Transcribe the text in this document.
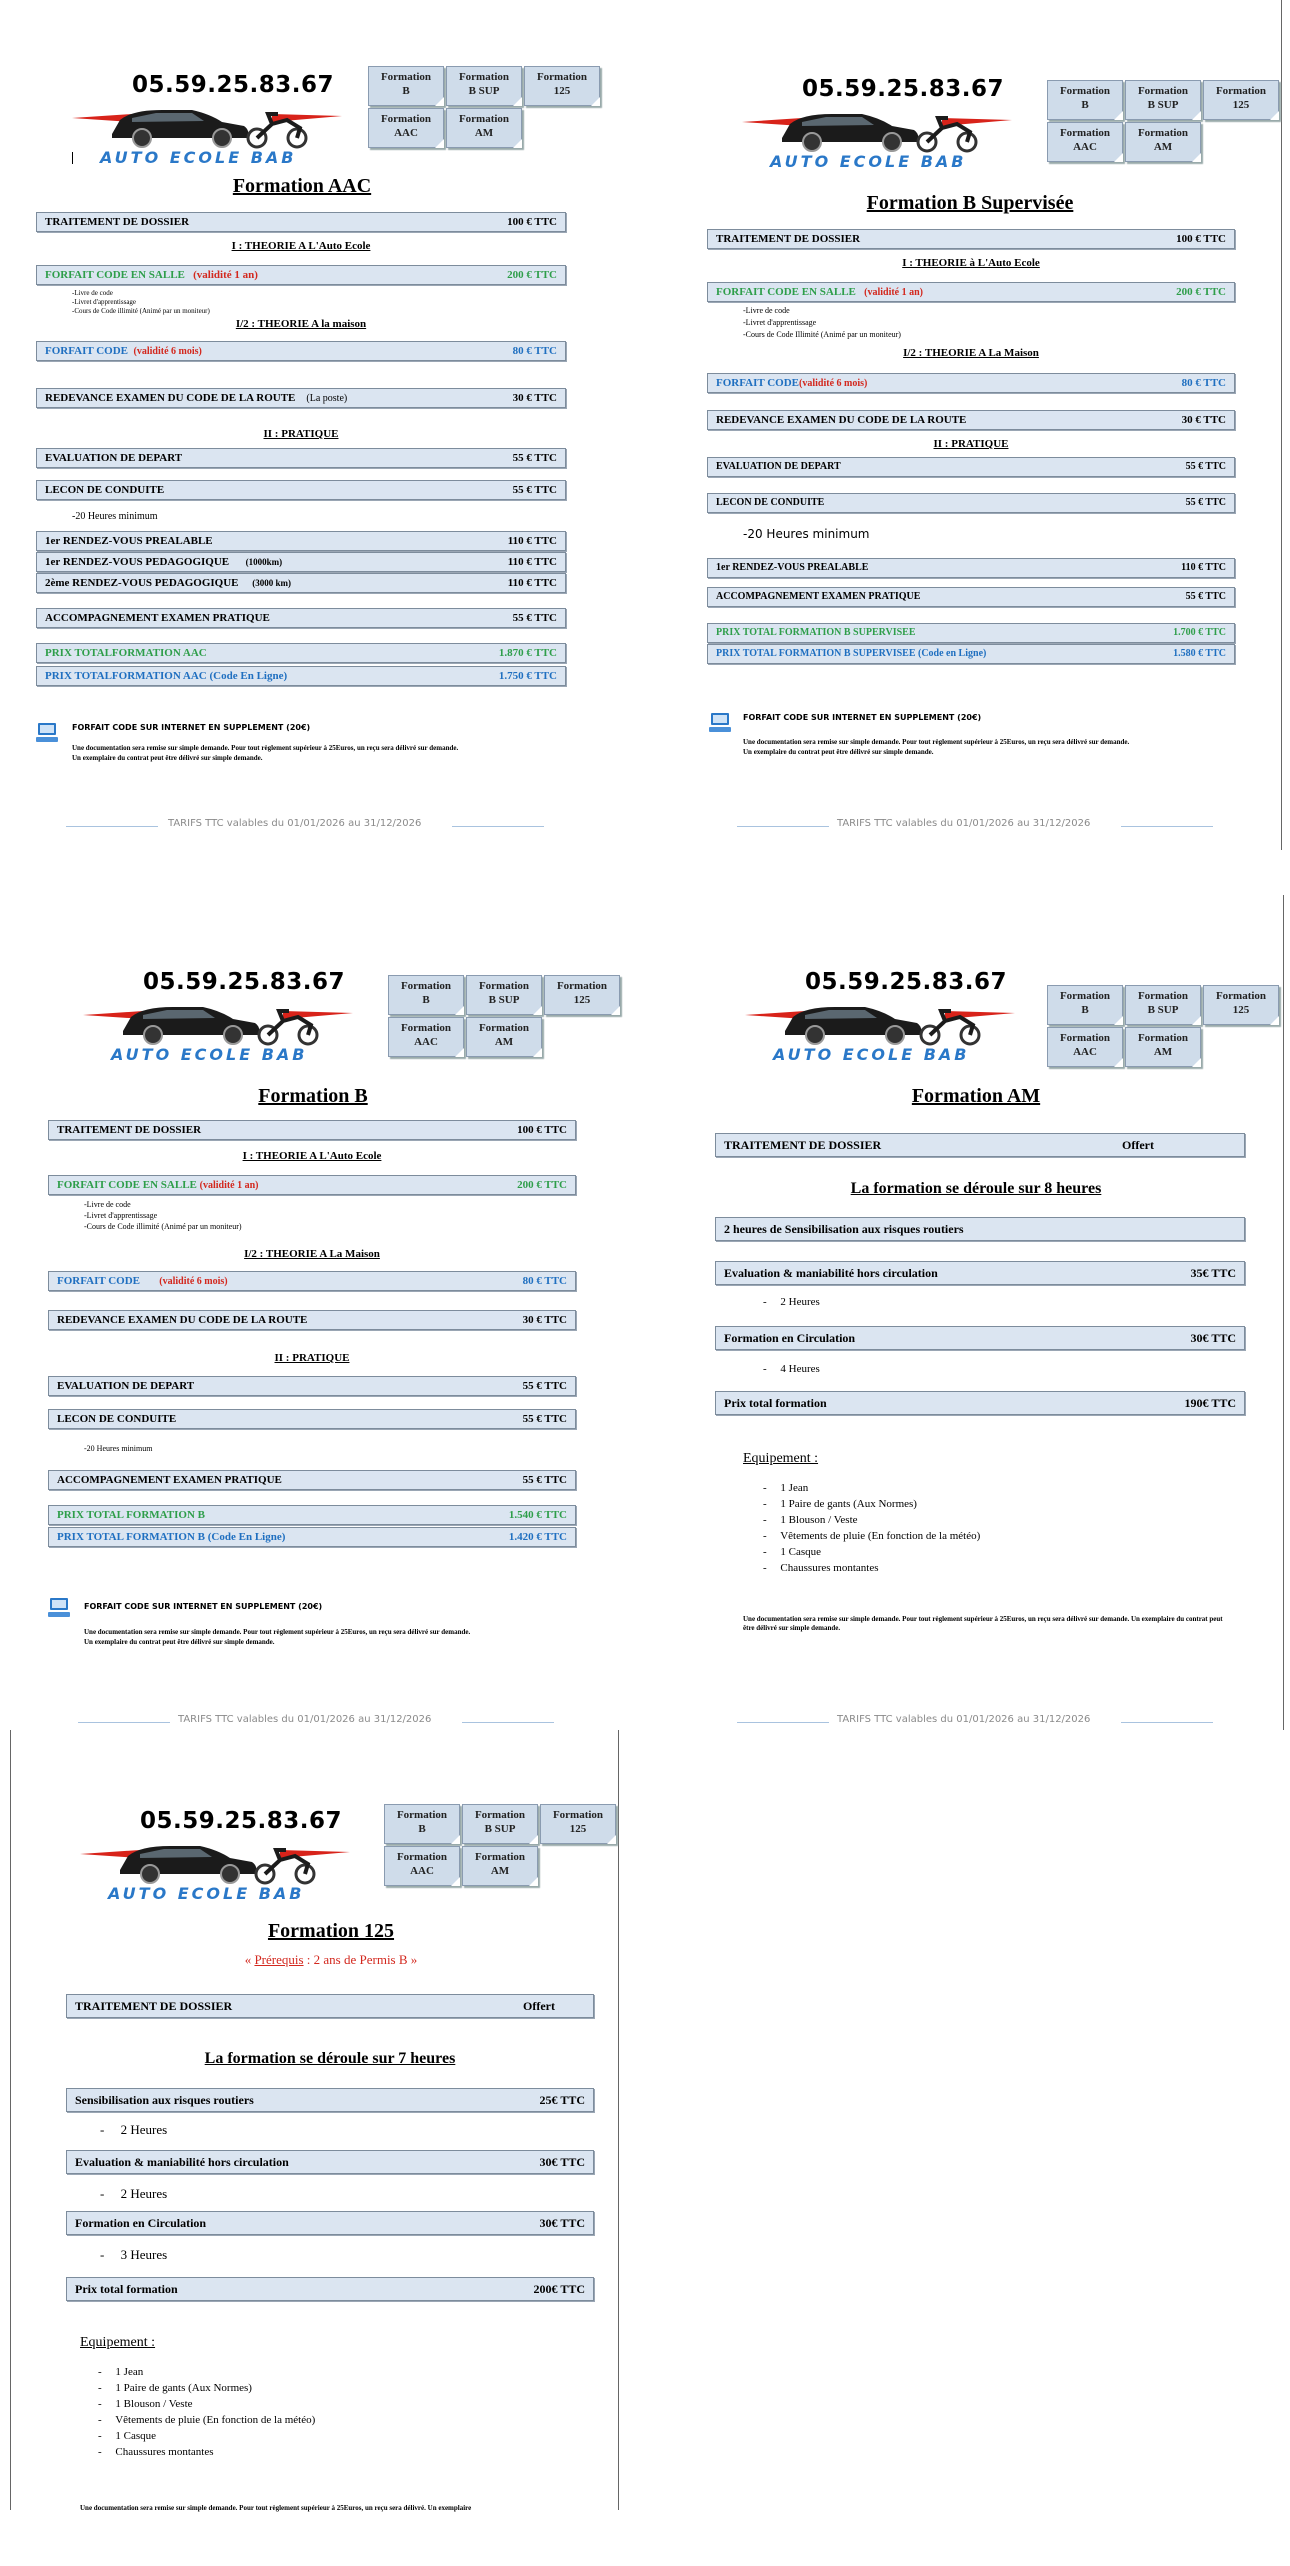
05.59.25.83.67
AUTO ECOLE BAB
Formation
B
Formation
B SUP
Formation
125
Formation
AAC
Formation
AM
Formation AAC
TRAITEMENT DE DOSSIER	100 € TTC
I : THEORIE A L'Auto Ecole
FORFAIT CODE EN SALLE (validité 1 an)	200 € TTC
-Livre de code
-Livret d'apprentissage
-Cours de Code illimité (Animé par un moniteur)
I/2 : THEORIE A la maison
FORFAIT CODE (validité 6 mois)	80 € TTC
REDEVANCE EXAMEN DU CODE DE LA ROUTE (La poste)	30 € TTC
II : PRATIQUE
EVALUATION DE DEPART	55 € TTC
LECON DE CONDUITE	55 € TTC
-20 Heures minimum
1er RENDEZ-VOUS PREALABLE	110 € TTC
1er RENDEZ-VOUS PEDAGOGIQUE (1000km)	110 € TTC
2ème RENDEZ-VOUS PEDAGOGIQUE (3000 km)	110 € TTC
ACCOMPAGNEMENT EXAMEN PRATIQUE	55 € TTC
PRIX TOTALFORMATION AAC	1.870 € TTC
PRIX TOTALFORMATION AAC (Code En Ligne)	1.750 € TTC
FORFAIT CODE SUR INTERNET EN SUPPLEMENT (20€)
Une documentation sera remise sur simple demande. Pour tout règlement supérieur à 25Euros, un reçu sera délivré sur demande.
Un exemplaire du contrat peut être délivré sur simple demande.
TARIFS TTC valables du 01/01/2026 au 31/12/2026
05.59.25.83.67
AUTO ECOLE BAB
Formation
B
Formation
B SUP
Formation
125
Formation
AAC
Formation
AM
Formation B Supervisée
TRAITEMENT DE DOSSIER	100 € TTC
I : THEORIE à L'Auto Ecole
FORFAIT CODE EN SALLE (validité 1 an)	200 € TTC
-Livre de code
-Livret d'apprentissage
-Cours de Code Illimité (Animé par un moniteur)
I/2 : THEORIE A La Maison
FORFAIT CODE(validité 6 mois)	80 € TTC
REDEVANCE EXAMEN DU CODE DE LA ROUTE	30 € TTC
II : PRATIQUE
EVALUATION DE DEPART	55 € TTC
LECON DE CONDUITE	55 € TTC
-20 Heures minimum
1er RENDEZ-VOUS PREALABLE	110 € TTC
ACCOMPAGNEMENT EXAMEN PRATIQUE	55 € TTC
PRIX TOTAL FORMATION B SUPERVISEE	1.700 € TTC
PRIX TOTAL FORMATION B SUPERVISEE (Code en Ligne)	1.580 € TTC
FORFAIT CODE SUR INTERNET EN SUPPLEMENT (20€)
Une documentation sera remise sur simple demande. Pour tout règlement supérieur à 25Euros, un reçu sera délivré sur demande.
Un exemplaire du contrat peut être délivré sur simple demande.
TARIFS TTC valables du 01/01/2026 au 31/12/2026
05.59.25.83.67
AUTO ECOLE BAB
Formation
B
Formation
B SUP
Formation
125
Formation
AAC
Formation
AM
Formation B
TRAITEMENT DE DOSSIER	100 € TTC
I : THEORIE A L'Auto Ecole
FORFAIT CODE EN SALLE (validité 1 an)	200 € TTC
-Livre de code
-Livret d'apprentissage
-Cours de Code illimité (Animé par un moniteur)
I/2 : THEORIE A La Maison
FORFAIT CODE (validité 6 mois)	80 € TTC
REDEVANCE EXAMEN DU CODE DE LA ROUTE	30 € TTC
II : PRATIQUE
EVALUATION DE DEPART	55 € TTC
LECON DE CONDUITE	55 € TTC
-20 Heures minimum
ACCOMPAGNEMENT EXAMEN PRATIQUE	55 € TTC
PRIX TOTAL FORMATION B	1.540 € TTC
PRIX TOTAL FORMATION B (Code En Ligne)	1.420 € TTC
FORFAIT CODE SUR INTERNET EN SUPPLEMENT (20€)
Une documentation sera remise sur simple demande. Pour tout règlement supérieur à 25Euros, un reçu sera délivré sur demande.
Un exemplaire du contrat peut être délivré sur simple demande.
TARIFS TTC valables du 01/01/2026 au 31/12/2026
05.59.25.83.67
AUTO ECOLE BAB
Formation
B
Formation
B SUP
Formation
125
Formation
AAC
Formation
AM
Formation AM
TRAITEMENT DE DOSSIER	Offert
La formation se déroule sur 8 heures
2 heures de Sensibilisation aux risques routiers
Evaluation & maniabilité hors circulation	35€ TTC
-     2 Heures
Formation en Circulation	30€ TTC
-     4 Heures
Prix total formation	190€ TTC
Equipement :
-     1 Jean
-     1 Paire de gants (Aux Normes)
-     1 Blouson / Veste
-     Vêtements de pluie (En fonction de la météo)
-     1 Casque
-     Chaussures montantes
Une documentation sera remise sur simple demande. Pour tout règlement supérieur à 25Euros, un reçu sera délivré sur demande. Un exemplaire du contrat peut être délivré sur simple demande.
TARIFS TTC valables du 01/01/2026 au 31/12/2026
05.59.25.83.67
AUTO ECOLE BAB
Formation
B
Formation
B SUP
Formation
125
Formation
AAC
Formation
AM
Formation 125
« Prérequis : 2 ans de Permis B »
TRAITEMENT DE DOSSIER	Offert
La formation se déroule sur 7 heures
Sensibilisation aux risques routiers	25€ TTC
-     2 Heures
Evaluation & maniabilité hors circulation	30€ TTC
-     2 Heures
Formation en Circulation	30€ TTC
-     3 Heures
Prix total formation	200€ TTC
Equipement :
-     1 Jean
-     1 Paire de gants (Aux Normes)
-     1 Blouson / Veste
-     Vêtements de pluie (En fonction de la météo)
-     1 Casque
-     Chaussures montantes
Une documentation sera remise sur simple demande. Pour tout règlement supérieur à 25Euros, un reçu sera délivré. Un exemplaire
